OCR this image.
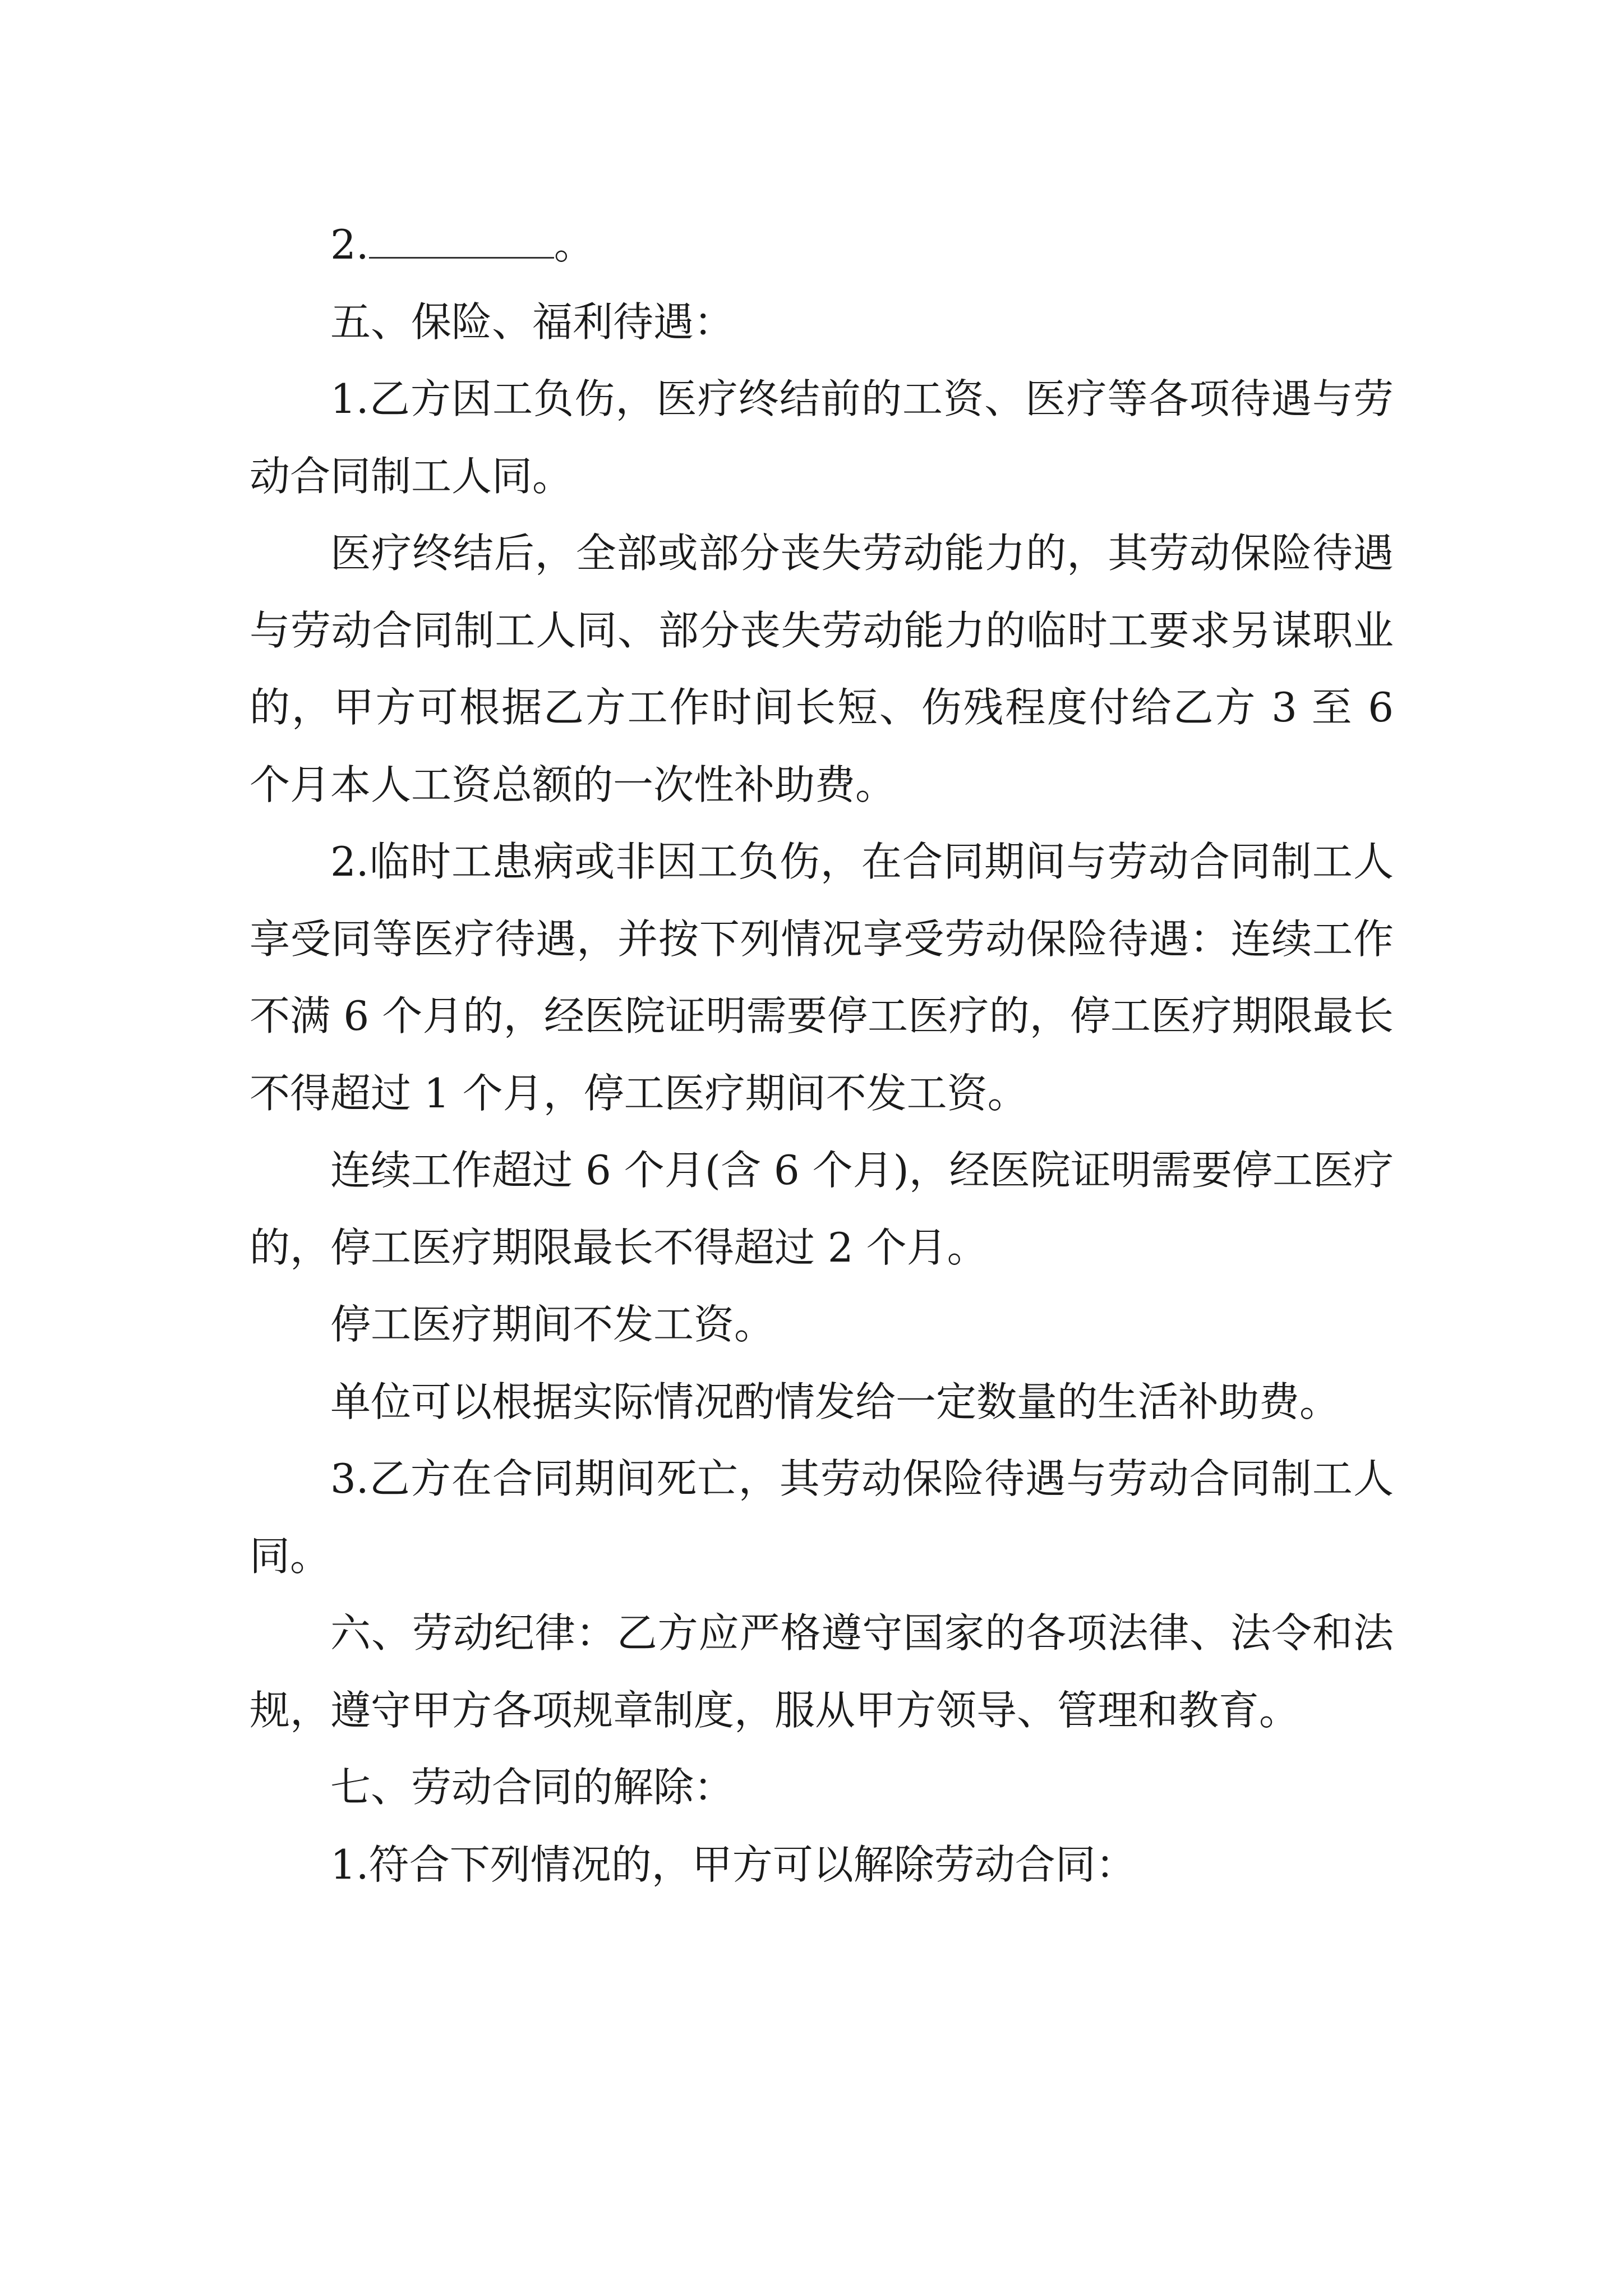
2.	。

五、保险、福利待遇：

1.乙方因工负伤，医疗终结前的工资、医疗等各项待遇与劳动合同制工人同。

医疗终结后，全部或部分丧失劳动能力的，其劳动保险待遇与劳动合同制工人同、部分丧失劳动能力的临时工要求另谋职业的，甲方可根据乙方工作时间长短、伤残程度付给乙方 3 至 6 个月本人工资总额的一次性补助费。

2.临时工患病或非因工负伤，在合同期间与劳动合同制工人享受同等医疗待遇，并按下列情况享受劳动保险待遇：连续工作不满 6 个月的，经医院证明需要停工医疗的，停工医疗期限最长不得超过 1 个月，停工医疗期间不发工资。

连续工作超过 6 个月(含 6 个月)，经医院证明需要停工医疗的，停工医疗期限最长不得超过 2 个月。

停工医疗期间不发工资。

单位可以根据实际情况酌情发给一定数量的生活补助费。

3.乙方在合同期间死亡，其劳动保险待遇与劳动合同制工人同。

六、劳动纪律：乙方应严格遵守国家的各项法律、法令和法规，遵守甲方各项规章制度，服从甲方领导、管理和教育。

七、劳动合同的解除：

1.符合下列情况的，甲方可以解除劳动合同：
